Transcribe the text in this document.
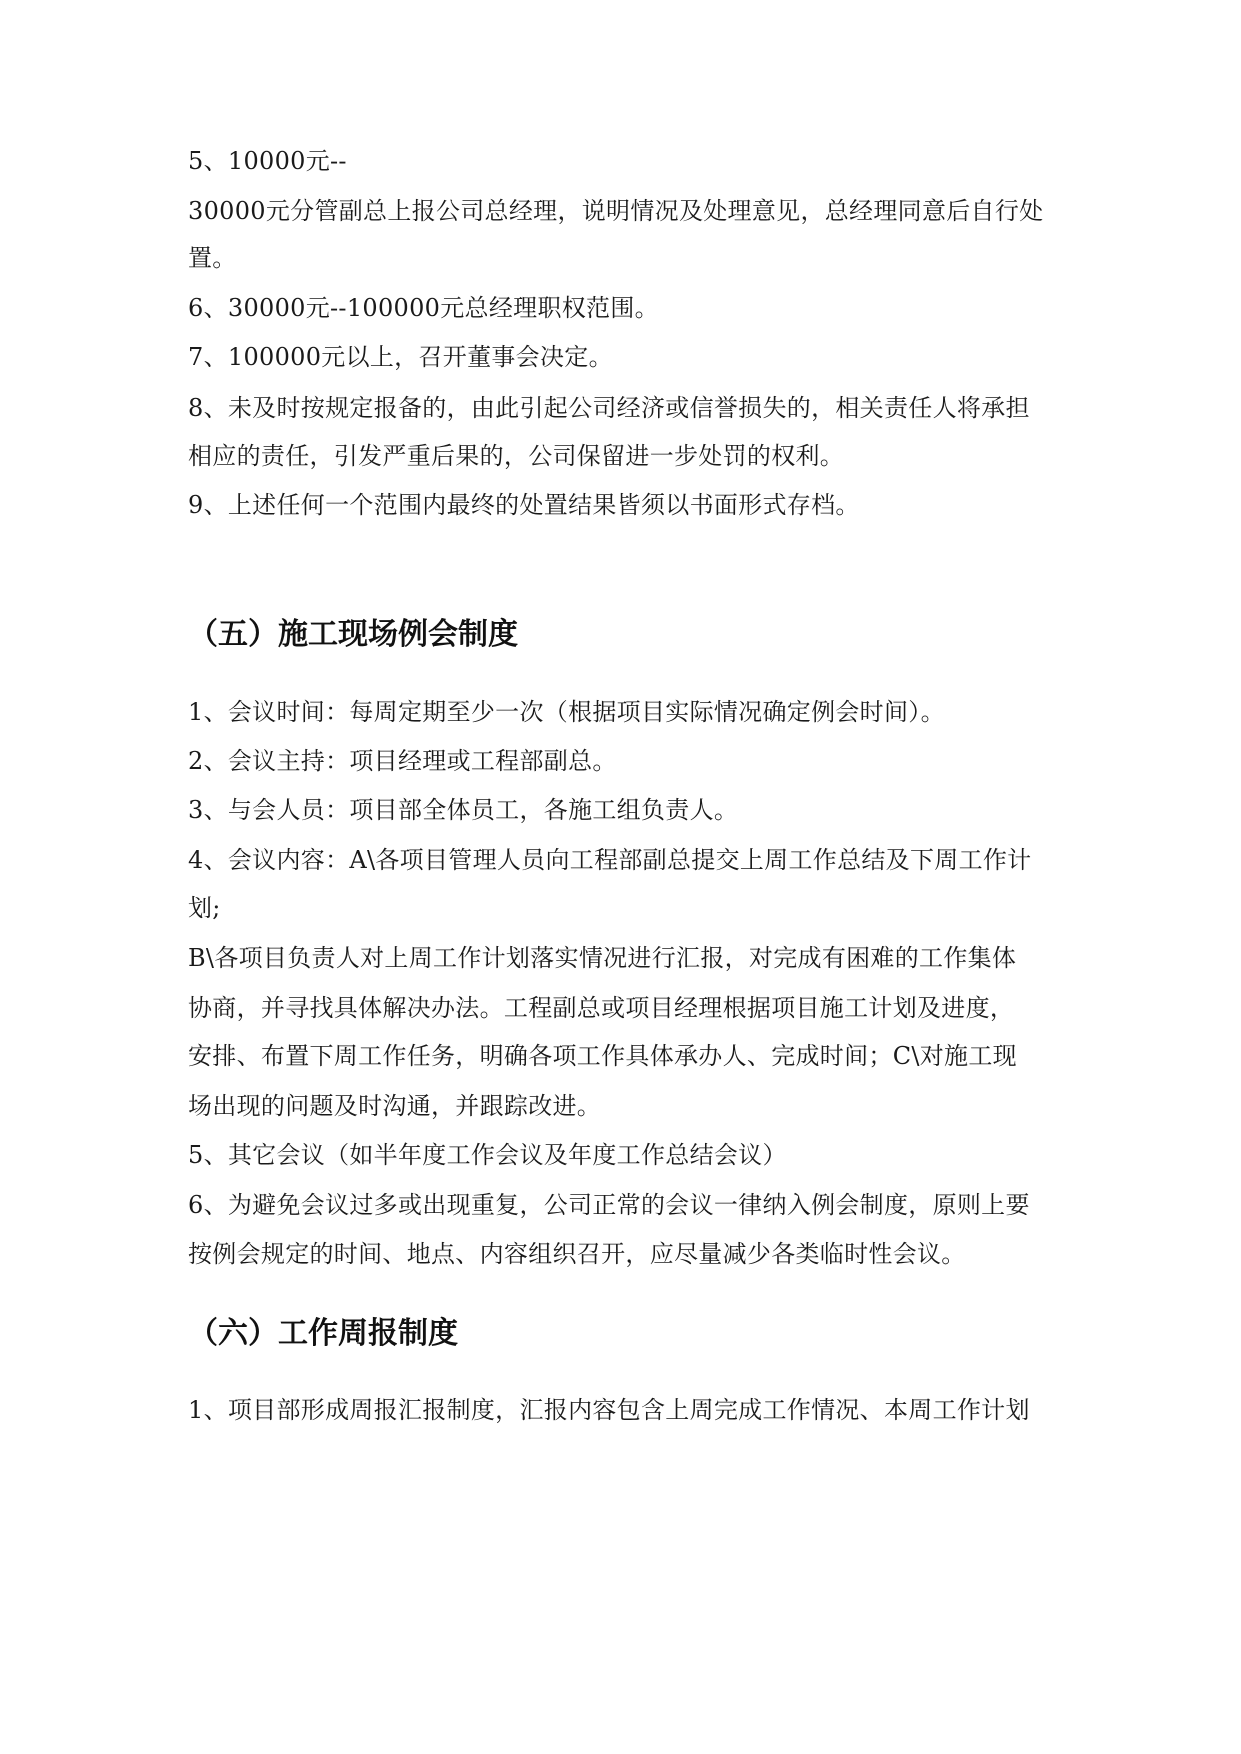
5、10000元--

30000元分管副总上报公司总经理，说明情况及处理意见，总经理同意后自行处

置。

6、30000元--100000元总经理职权范围。

7、100000元以上，召开董事会决定。

8、未及时按规定报备的，由此引起公司经济或信誉损失的，相关责任人将承担

相应的责任，引发严重后果的，公司保留进一步处罚的权利。

9、上述任何一个范围内最终的处置结果皆须以书面形式存档。

（五）施工现场例会制度

1、会议时间：每周定期至少一次（根据项目实际情况确定例会时间）。

2、会议主持：项目经理或工程部副总。

3、与会人员：项目部全体员工，各施工组负责人。

4、会议内容：A\各项目管理人员向工程部副总提交上周工作总结及下周工作计

划;

B\各项目负责人对上周工作计划落实情况进行汇报，对完成有困难的工作集体

协商，并寻找具体解决办法。工程副总或项目经理根据项目施工计划及进度，

安排、布置下周工作任务，明确各项工作具体承办人、完成时间；C\对施工现

场出现的问题及时沟通，并跟踪改进。

5、其它会议（如半年度工作会议及年度工作总结会议）

6、为避免会议过多或出现重复，公司正常的会议一律纳入例会制度，原则上要

按例会规定的时间、地点、内容组织召开，应尽量减少各类临时性会议。

（六）工作周报制度

1、项目部形成周报汇报制度，汇报内容包含上周完成工作情况、本周工作计划
